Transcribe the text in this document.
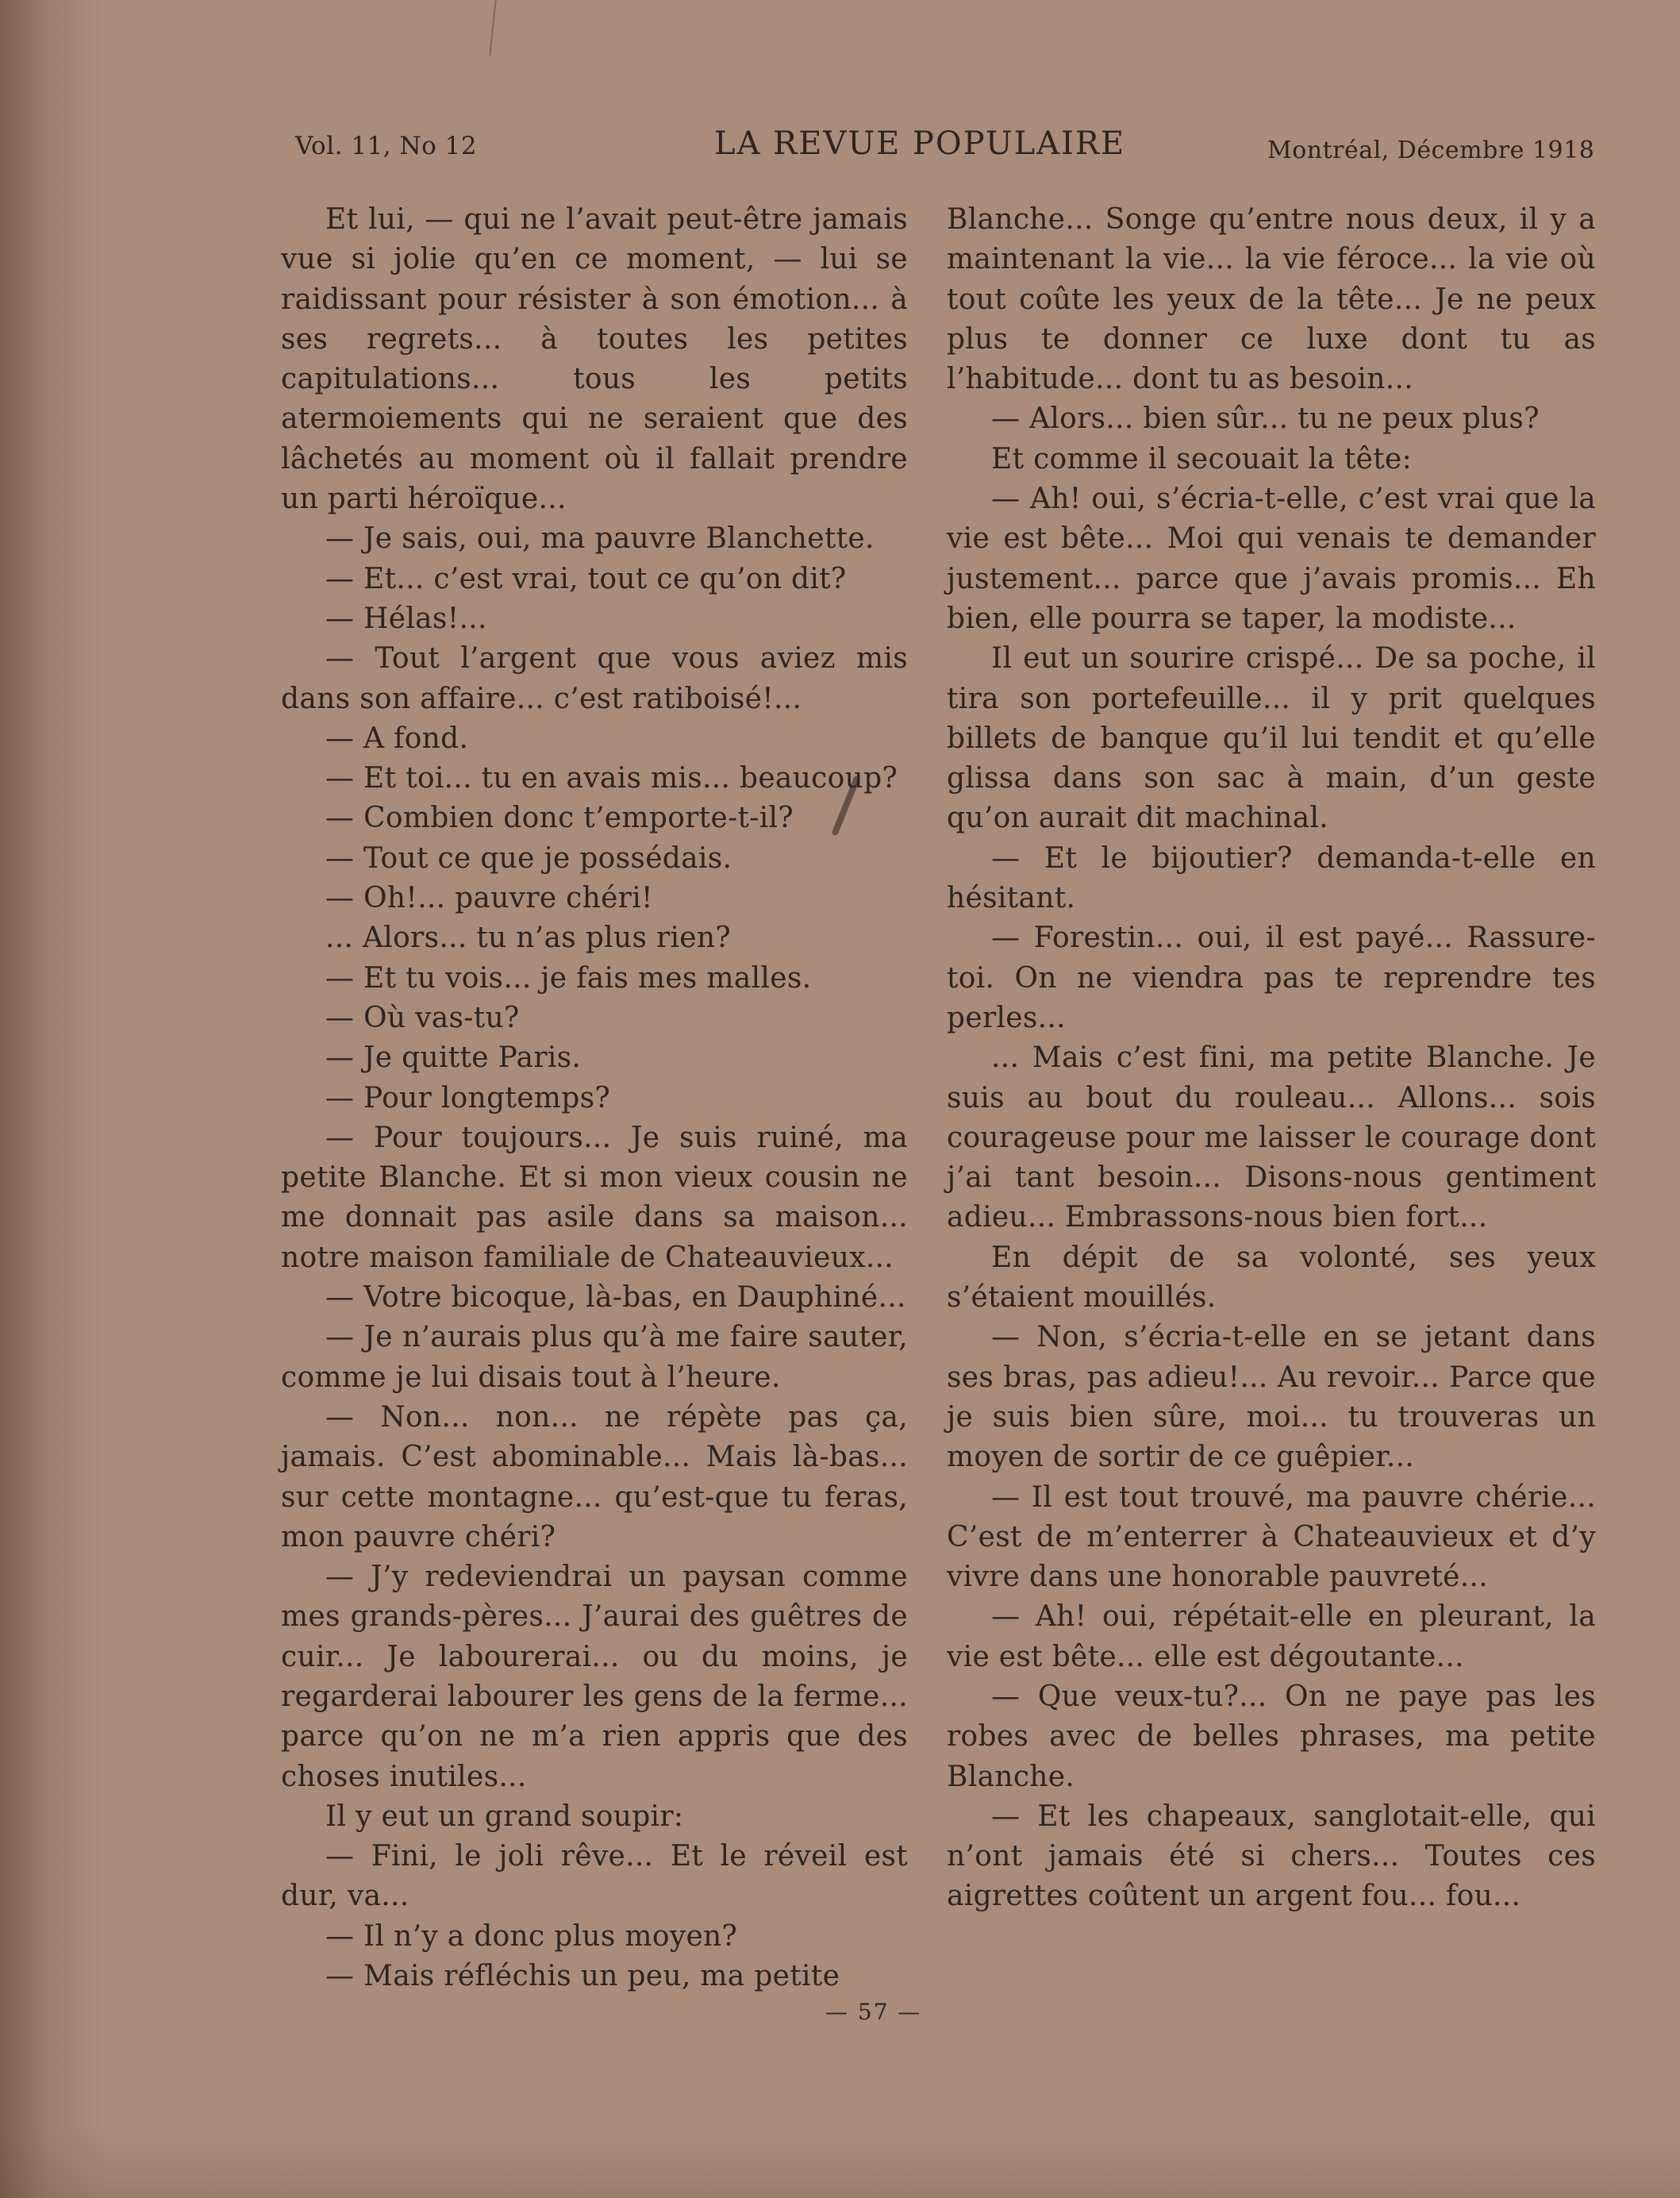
Vol. 11, No 12	LA REVUE POPULAIRE	Montréal, Décembre 1918

Et lui, — qui ne l’avait peut-être jamais vue si jolie qu’en ce moment, — lui se raidissant pour résister à son émotion... à ses regrets... à toutes les petites capitulations... tous les petits atermoiements qui ne seraient que des lâchetés au moment où il fallait prendre un parti héroïque...

— Je sais, oui, ma pauvre Blanchette.

— Et... c’est vrai, tout ce qu’on dit?

— Hélas!...

— Tout l’argent que vous aviez mis dans son affaire... c’est ratiboisé!...

— A fond.

— Et toi... tu en avais mis... beaucoup?

— Combien donc t’emporte-t-il?

— Tout ce que je possédais.

— Oh!... pauvre chéri!

... Alors... tu n’as plus rien?

— Et tu vois... je fais mes malles.

— Où vas-tu?

— Je quitte Paris.

— Pour longtemps?

— Pour toujours... Je suis ruiné, ma petite Blanche. Et si mon vieux cousin ne me donnait pas asile dans sa maison... notre maison familiale de Chateauvieux...

— Votre bicoque, là-bas, en Dauphiné...

— Je n’aurais plus qu’à me faire sauter, comme je lui disais tout à l’heure.

— Non... non... ne répète pas ça, jamais. C’est abominable... Mais là-bas... sur cette montagne... qu’est-que tu feras, mon pauvre chéri?

— J’y redeviendrai un paysan comme mes grands-pères... J’aurai des guêtres de cuir... Je labourerai... ou du moins, je regarderai labourer les gens de la ferme... parce qu’on ne m’a rien appris que des choses inutiles...

Il y eut un grand soupir:

— Fini, le joli rêve... Et le réveil est dur, va...

— Il n’y a donc plus moyen?

— Mais réfléchis un peu, ma petite

Blanche... Songe qu’entre nous deux, il y a maintenant la vie... la vie féroce... la vie où tout coûte les yeux de la tête... Je ne peux plus te donner ce luxe dont tu as l’habitude... dont tu as besoin...

— Alors... bien sûr... tu ne peux plus?

Et comme il secouait la tête:

— Ah! oui, s’écria-t-elle, c’est vrai que la vie est bête... Moi qui venais te demander justement... parce que j’avais promis... Eh bien, elle pourra se taper, la modiste...

Il eut un sourire crispé... De sa poche, il tira son portefeuille... il y prit quelques billets de banque qu’il lui tendit et qu’elle glissa dans son sac à main, d’un geste qu’on aurait dit machinal.

— Et le bijoutier? demanda-t-elle en hésitant.

— Forestin... oui, il est payé... Rassure-toi. On ne viendra pas te reprendre tes perles...

... Mais c’est fini, ma petite Blanche. Je suis au bout du rouleau... Allons... sois courageuse pour me laisser le courage dont j’ai tant besoin... Disons-nous gentiment adieu... Embrassons-nous bien fort...

En dépit de sa volonté, ses yeux s’étaient mouillés.

— Non, s’écria-t-elle en se jetant dans ses bras, pas adieu!... Au revoir... Parce que je suis bien sûre, moi... tu trouveras un moyen de sortir de ce guêpier...

— Il est tout trouvé, ma pauvre chérie... C’est de m’enterrer à Chateauvieux et d’y vivre dans une honorable pauvreté...

— Ah! oui, répétait-elle en pleurant, la vie est bête... elle est dégoutante...

— Que veux-tu?... On ne paye pas les robes avec de belles phrases, ma petite Blanche.

— Et les chapeaux, sanglotait-elle, qui n’ont jamais été si chers... Toutes ces aigrettes coûtent un argent fou... fou...

— 57 —
